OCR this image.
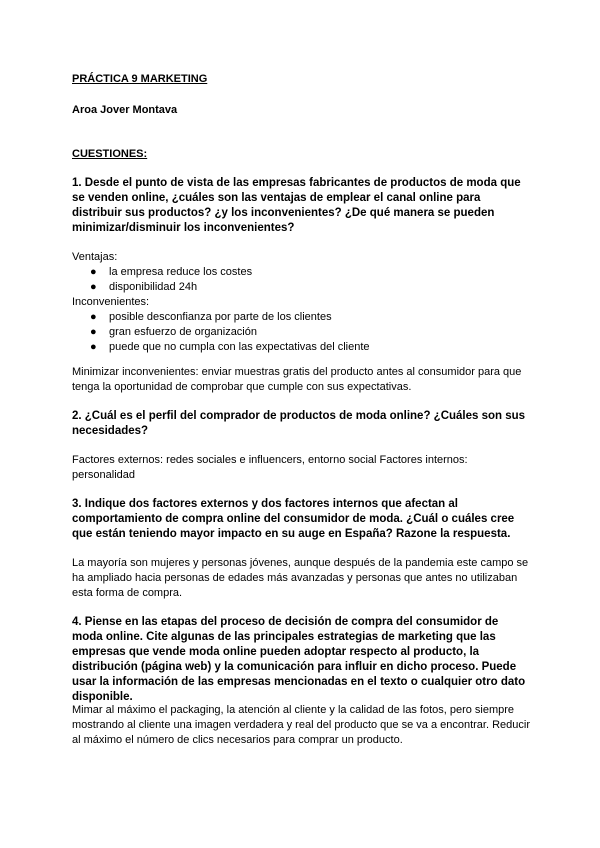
PRÁCTICA 9 MARKETING

Aroa Jover Montava

CUESTIONES:

1. Desde el punto de vista de las empresas fabricantes de productos de moda que se venden online, ¿cuáles son las ventajas de emplear el canal online para distribuir sus productos? ¿y los inconvenientes? ¿De qué manera se pueden minimizar/disminuir los inconvenientes?

Ventajas:

● la empresa reduce los costes
● disponibilidad 24h

Inconvenientes:

● posible desconfianza por parte de los clientes
● gran esfuerzo de organización
● puede que no cumpla con las expectativas del cliente

Minimizar inconvenientes: enviar muestras gratis del producto antes al consumidor para que tenga la oportunidad de comprobar que cumple con sus expectativas.

2. ¿Cuál es el perfil del comprador de productos de moda online? ¿Cuáles son sus necesidades?

Factores externos: redes sociales e influencers, entorno social Factores internos: personalidad

3. Indique dos factores externos y dos factores internos que afectan al comportamiento de compra online del consumidor de moda. ¿Cuál o cuáles cree que están teniendo mayor impacto en su auge en España? Razone la respuesta.

La mayoría son mujeres y personas jóvenes, aunque después de la pandemia este campo se ha ampliado hacia personas de edades más avanzadas y personas que antes no utilizaban esta forma de compra.

4. Piense en las etapas del proceso de decisión de compra del consumidor de moda online. Cite algunas de las principales estrategias de marketing que las empresas que vende moda online pueden adoptar respecto al producto, la distribución (página web) y la comunicación para influir en dicho proceso. Puede usar la información de las empresas mencionadas en el texto o cualquier otro dato disponible.

Mimar al máximo el packaging, la atención al cliente y la calidad de las fotos, pero siempre mostrando al cliente una imagen verdadera y real del producto que se va a encontrar. Reducir al máximo el número de clics necesarios para comprar un producto.
